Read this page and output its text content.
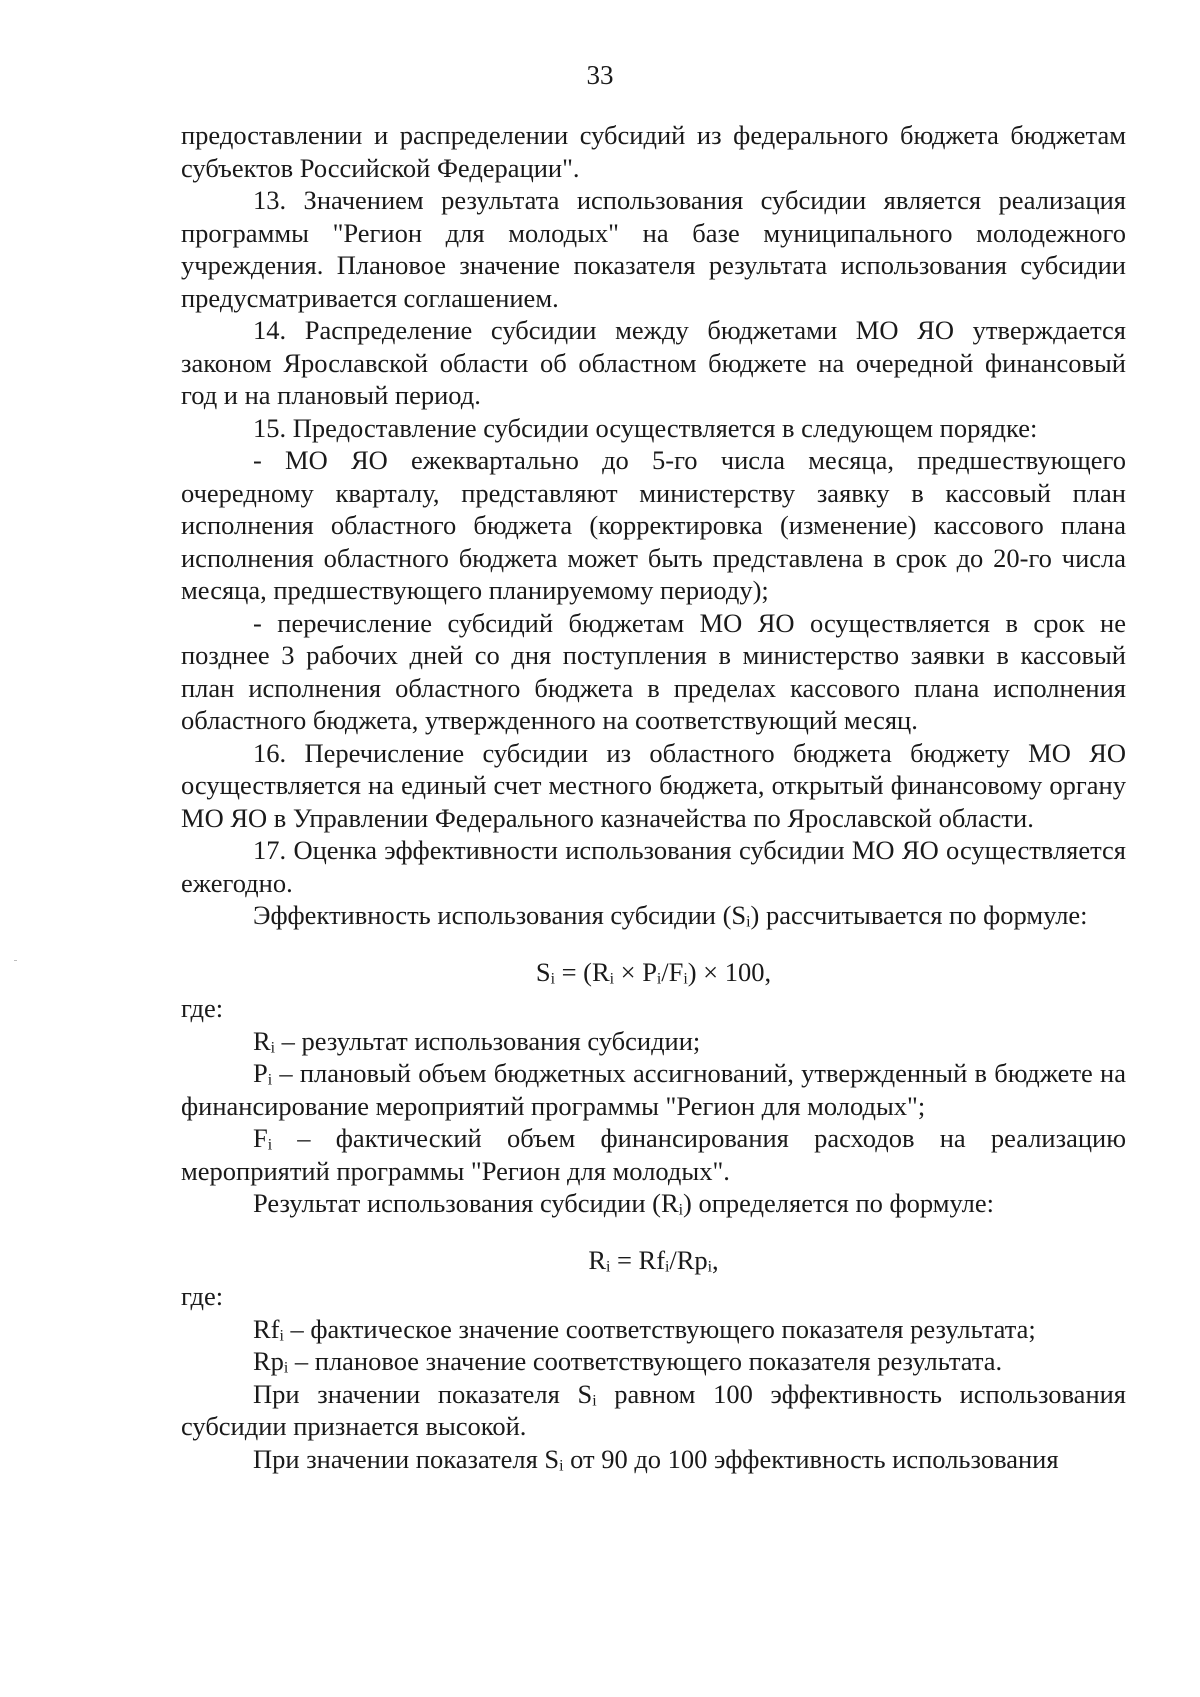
33

предоставлении и распределении субсидий из федерального бюджета бюджетам субъектов Российской Федерации".

13. Значением результата использования субсидии является реализация программы "Регион для молодых" на базе муниципального молодежного учреждения. Плановое значение показателя результата использования субсидии предусматривается соглашением.

14. Распределение субсидии между бюджетами МО ЯО утверждается законом Ярославской области об областном бюджете на очередной финансовый год и на плановый период.

15. Предоставление субсидии осуществляется в следующем порядке:

- МО ЯО ежеквартально до 5-го числа месяца, предшествующего очередному кварталу, представляют министерству заявку в кассовый план исполнения областного бюджета (корректировка (изменение) кассового плана исполнения областного бюджета может быть представлена в срок до 20-го числа месяца, предшествующего планируемому периоду);

- перечисление субсидий бюджетам МО ЯО осуществляется в срок не позднее 3 рабочих дней со дня поступления в министерство заявки в кассовый план исполнения областного бюджета в пределах кассового плана исполнения областного бюджета, утвержденного на соответствующий месяц.

16. Перечисление субсидии из областного бюджета бюджету МО ЯО осуществляется на единый счет местного бюджета, открытый финансовому органу МО ЯО в Управлении Федерального казначейства по Ярославской области.

17. Оценка эффективности использования субсидии МО ЯО осуществляется ежегодно.

Эффективность использования субсидии (Sᵢ) рассчитывается по формуле:

Sᵢ = (Rᵢ × Pᵢ/Fᵢ) × 100,

где:

Rᵢ – результат использования субсидии;

Pᵢ – плановый объем бюджетных ассигнований, утвержденный в бюджете на финансирование мероприятий программы "Регион для молодых";

Fᵢ – фактический объем финансирования расходов на реализацию мероприятий программы "Регион для молодых".

Результат использования субсидии (Rᵢ) определяется по формуле:

Rᵢ = Rfᵢ/Rpᵢ,

где:

Rfᵢ – фактическое значение соответствующего показателя результата;

Rpᵢ – плановое значение соответствующего показателя результата.

При значении показателя Sᵢ равном 100 эффективность использования субсидии признается высокой.

При значении показателя Sᵢ от 90 до 100 эффективность использования
